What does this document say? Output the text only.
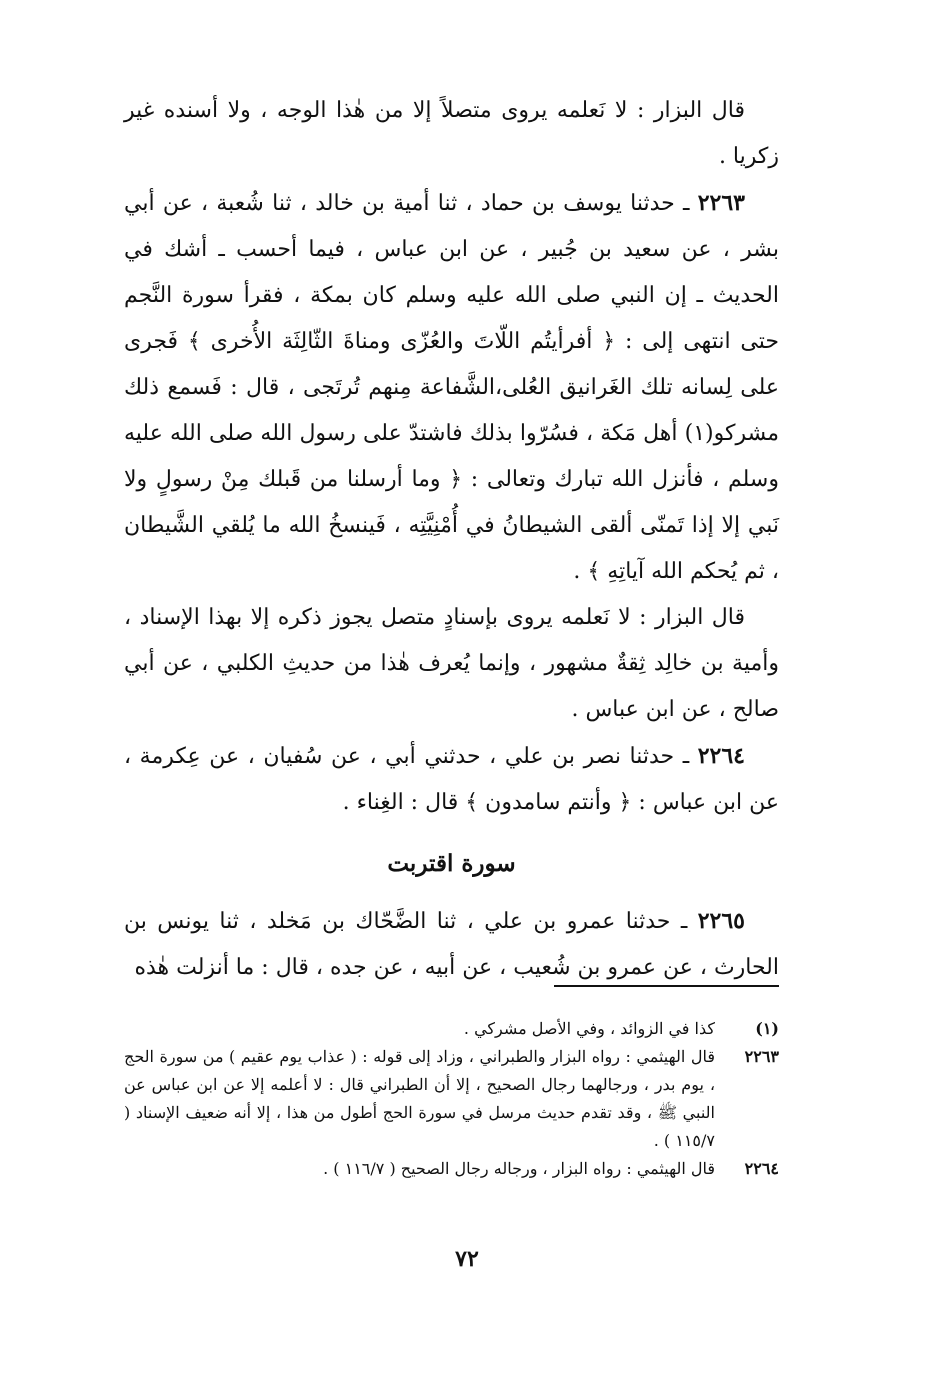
قال البزار : لا نَعلمه يروى متصلاً إلا من هٰذا الوجه ، ولا أسنده غير زكريا .

٢٢٦٣ ـ حدثنا يوسف بن حماد ، ثنا أمية بن خالد ، ثنا شُعبة ، عن أبي بشر ، عن سعيد بن جُبير ، عن ابن عباس ، فيما أحسب ـ أشك في الحديث ـ إن النبي صلى الله عليه وسلم كان بمكة ، فقرأ سورة النَّجم حتى انتهى إلى : ﴿ أفرأيتُم اللّاتَ والعُزّى ومناةَ الثّالِثَة الأُخرى ﴾ فَجرى على لِسانه تلك الغَرانيق العُلى،الشَّفاعة مِنهم تُرتَجى ، قال : فَسمع ذلك مشركو(١) أهل مَكة ، فسُرّوا بذلك فاشتدّ على رسول الله صلى الله عليه وسلم ، فأنزل الله تبارك وتعالى : ﴿ وما أرسلنا من قَبلك مِنْ رسولٍ ولا نَبي إلا إذا تَمنّى ألقى الشيطانُ في أُمْنِيَّتِه ، فَينسخُ الله ما يُلقي الشَّيطان ، ثم يُحكم الله آياتِهِ ﴾ .

قال البزار : لا نَعلمه يروى بإسنادٍ متصل يجوز ذكره إلا بهذا الإسناد ، وأمية بن خالِد ثِقةٌ مشهور ، وإنما يُعرف هٰذا من حديثِ الكلبي ، عن أبي صالح ، عن ابن عباس .

٢٢٦٤ ـ حدثنا نصر بن علي ، حدثني أبي ، عن سُفيان ، عن عِكرمة ، عن ابن عباس : ﴿ وأنتم سامدون ﴾ قال : الغِناء .

سورة اقتربت

٢٢٦٥ ـ حدثنا عمرو بن علي ، ثنا الضَّحّاك بن مَخلد ، ثنا يونس بن الحارث ، عن عمرو بن شُعيب ، عن أبيه ، عن جده ، قال : ما أنزلت هٰذه

(١)
كذا في الزوائد ، وفي الأصل مشركي .
٢٢٦٣
قال الهيثمي : رواه البزار والطبراني ، وزاد إلى قوله : ( عذاب يوم عقيم ) من سورة الحج ، يوم بدر ، ورجالهما رجال الصحيح ، إلا أن الطبراني قال : لا أعلمه إلا عن ابن عباس عن النبي ﷺ ، وقد تقدم حديث مرسل في سورة الحج أطول من هذا ، إلا أنه ضعيف الإسناد ( ١١٥/٧ ) .
٢٢٦٤
قال الهيثمي : رواه البزار ، ورجاله رجال الصحيح ( ١١٦/٧ ) .
٧٢
